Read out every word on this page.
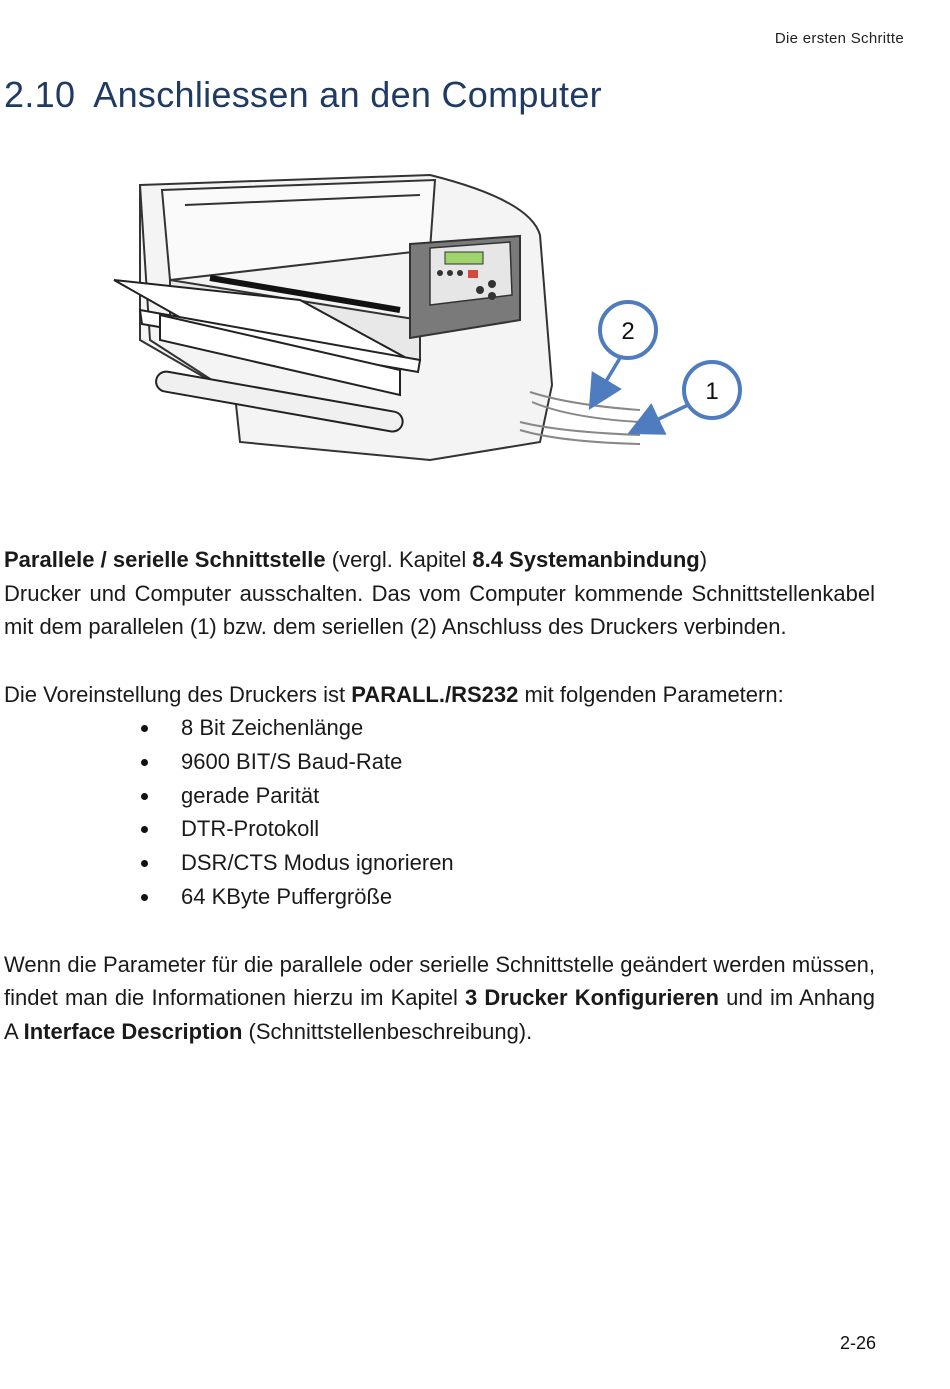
Die ersten Schritte
2.10 Anschliessen an den Computer
2
1

Parallele / serielle Schnittstelle (vergl. Kapitel 8.4 Systemanbindung)
Drucker und Computer ausschalten. Das vom Computer kommende Schnittstellenkabel mit dem parallelen (1) bzw. dem seriellen (2) Anschluss des Druckers verbinden.

Die Voreinstellung des Druckers ist PARALL./RS232 mit folgenden Parametern:

8 Bit Zeichenlänge
9600 BIT/S Baud-Rate
gerade Parität
DTR-Protokoll
DSR/CTS Modus ignorieren
64 KByte Puffergröße

Wenn die Parameter für die parallele oder serielle Schnittstelle geändert werden müssen, findet man die Informationen hierzu im Kapitel 3 Drucker Konfigurieren und im Anhang A Interface Description (Schnittstellenbeschreibung).

2-26
